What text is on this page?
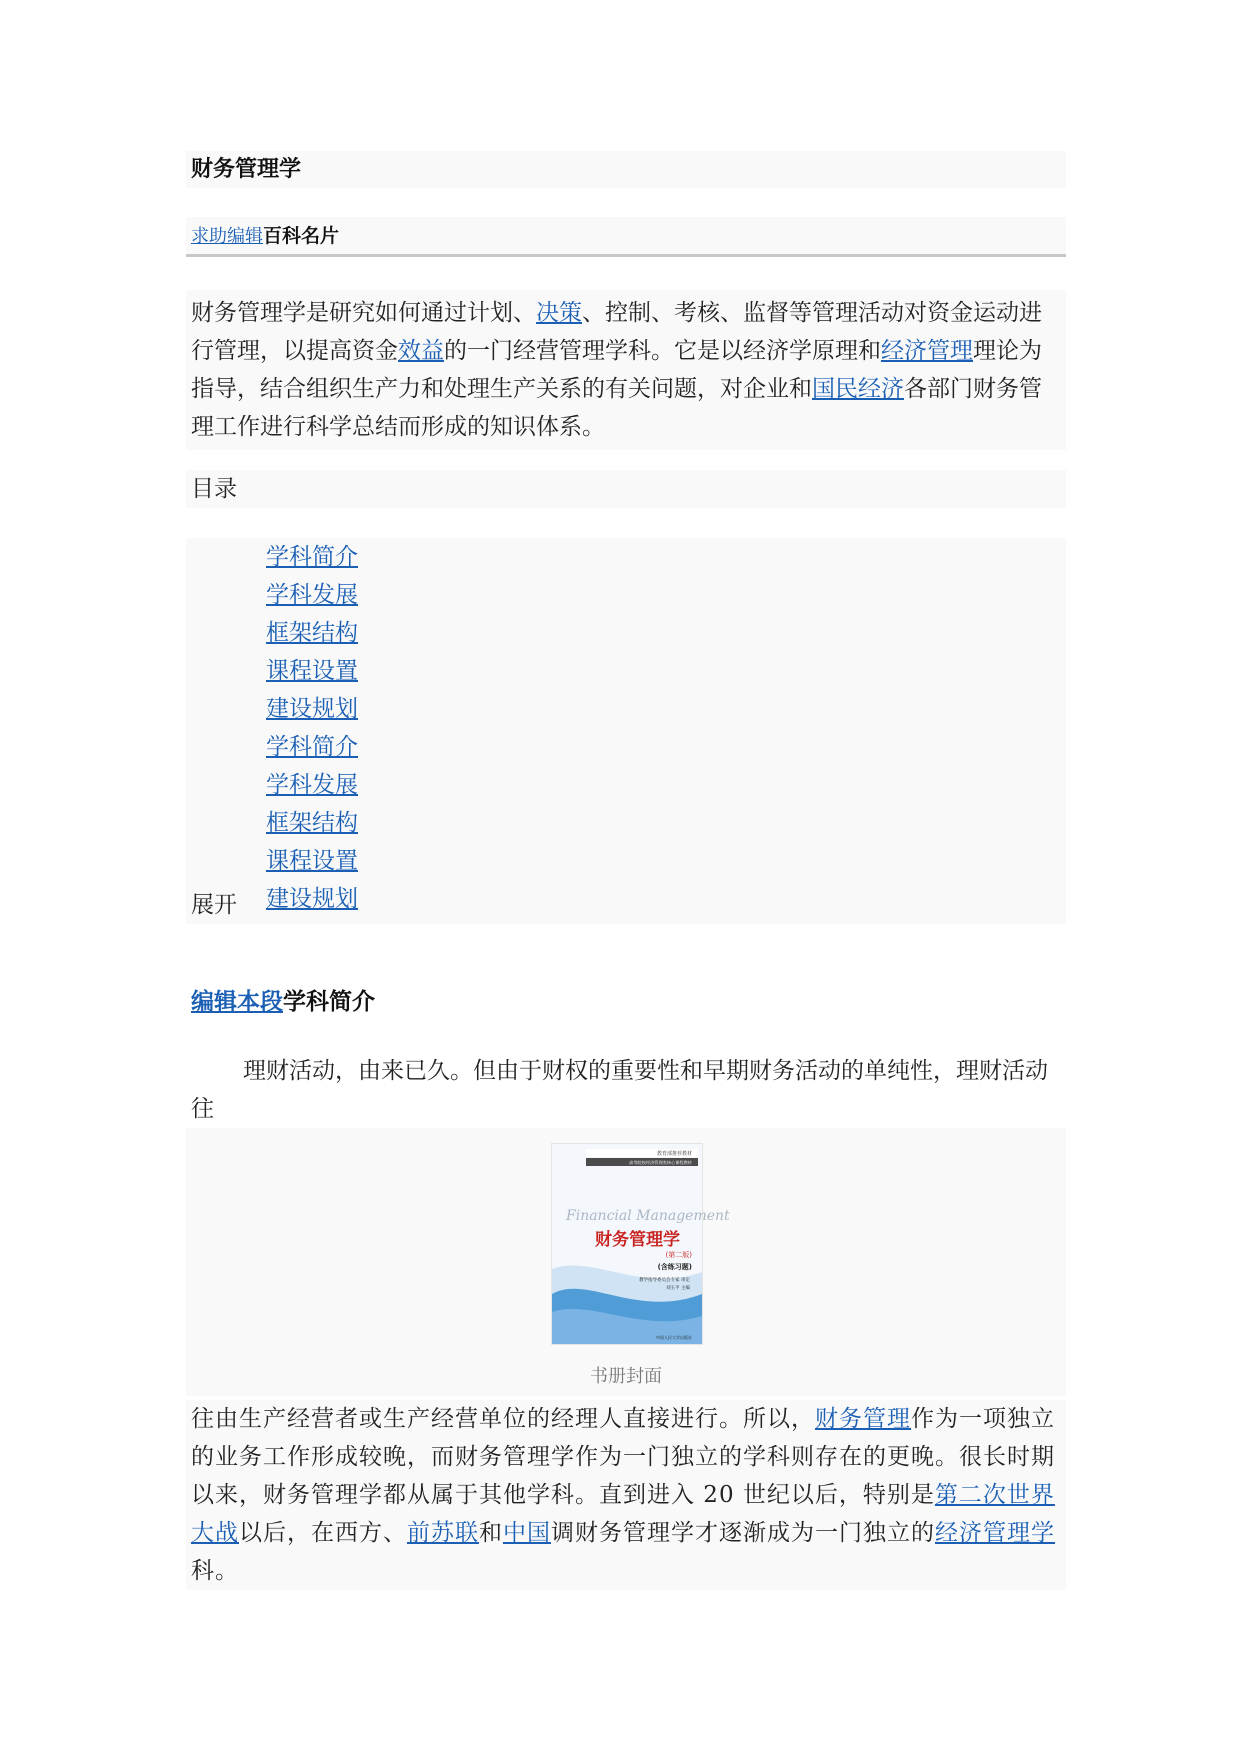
财务管理学
求助编辑百科名片
财务管理学是研究如何通过计划、决策、控制、考核、监督等管理活动对资金运动进行管理，以提高资金效益的一门经营管理学科。它是以经济学原理和经济管理理论为指导，结合组织生产力和处理生产关系的有关问题，对企业和国民经济各部门财务管理工作进行科学总结而形成的知识体系。
目录
学科简介
学科发展
框架结构
课程设置
建设规划
学科简介
学科发展
框架结构
课程设置
建设规划
展开
编辑本段学科简介
理财活动，由来已久。但由于财权的重要性和早期财务活动的单纯性，理财活动往
教育部推荐教材
高等院校经济管理类核心课程教材
Financial Management
财务管理学
(第二版)
(含练习题)
教学指导委员会专家 审定
刘玉平 主编
中国人民大学出版社
书册封面
往由生产经营者或生产经营单位的经理人直接进行。所以，财务管理作为一项独立的业务工作形成较晚，而财务管理学作为一门独立的学科则存在的更晚。很长时期以来，财务管理学都从属于其他学科。直到进入 20 世纪以后，特别是第二次世界大战以后，在西方、前苏联和中国调财务管理学才逐渐成为一门独立的经济管理学科。
